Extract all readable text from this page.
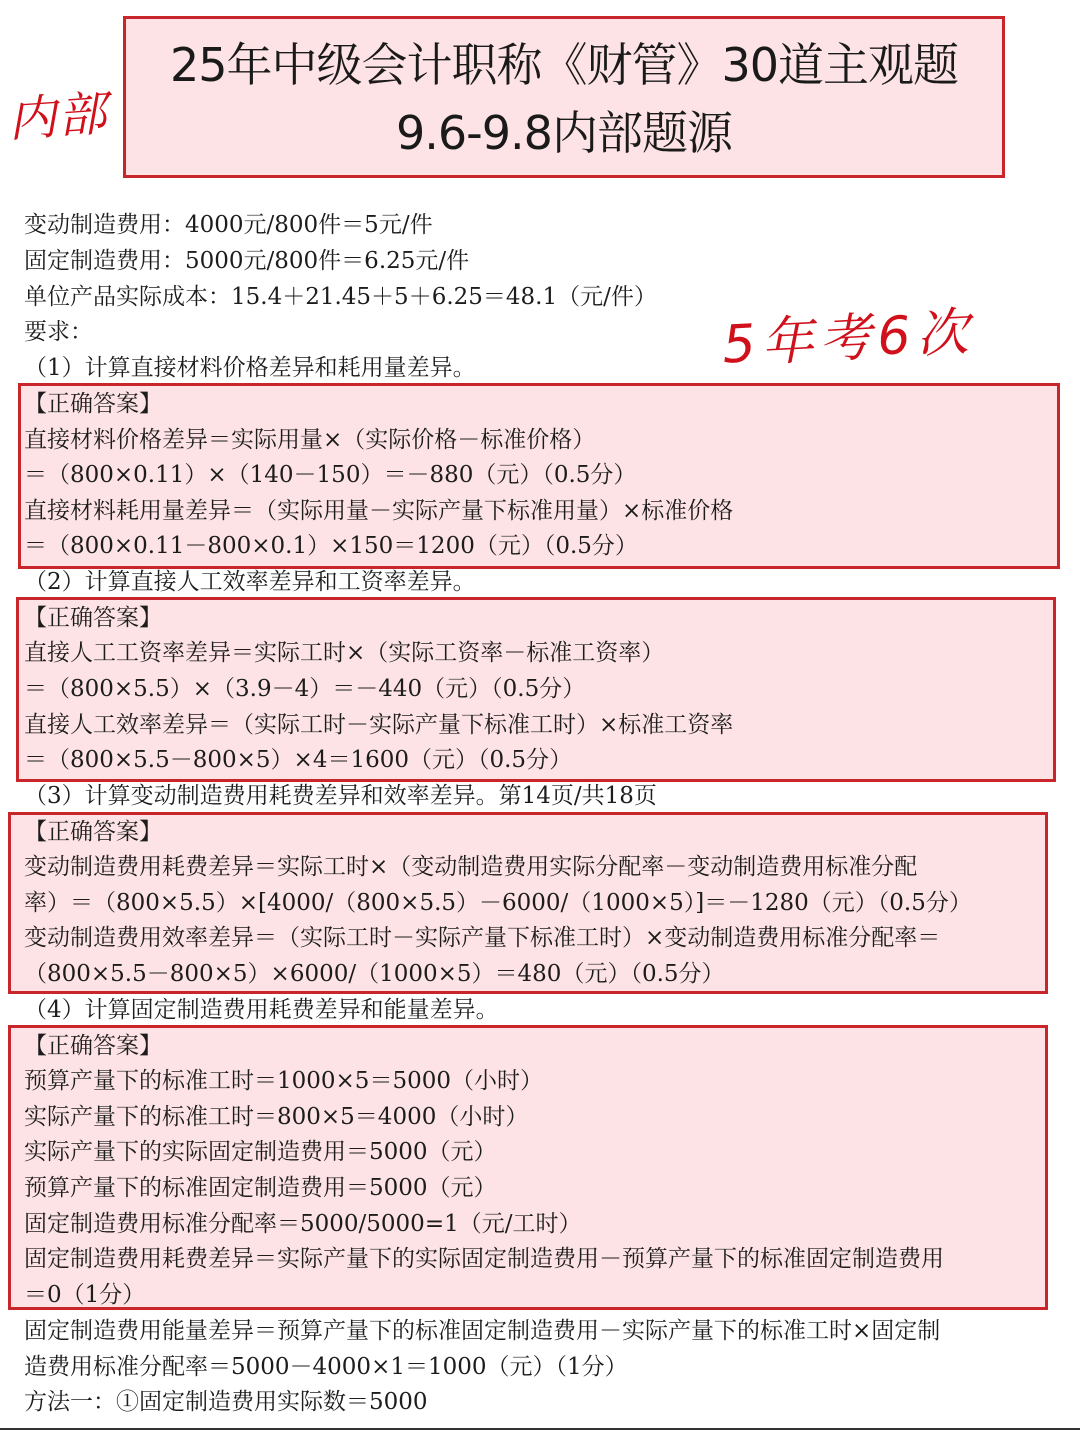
25年中级会计职称《财管》30道主观题
9.6-9.8内部题源
内部
5年考6次
变动制造费用：4000元/800件＝5元/件
固定制造费用：5000元/800件＝6.25元/件
单位产品实际成本：15.4＋21.45＋5＋6.25＝48.1（元/件）
要求：
（1）计算直接材料价格差异和耗用量差异。
【正确答案】
直接材料价格差异＝实际用量×（实际价格－标准价格）
＝（800×0.11）×（140－150）＝－880（元）（0.5分）
直接材料耗用量差异＝（实际用量－实际产量下标准用量）×标准价格
＝（800×0.11－800×0.1）×150＝1200（元）（0.5分）
（2）计算直接人工效率差异和工资率差异。
【正确答案】
直接人工工资率差异＝实际工时×（实际工资率－标准工资率）
＝（800×5.5）×（3.9－4）＝－440（元）（0.5分）
直接人工效率差异＝（实际工时－实际产量下标准工时）×标准工资率
＝（800×5.5－800×5）×4＝1600（元）（0.5分）
（3）计算变动制造费用耗费差异和效率差异。第14页/共18页
【正确答案】
变动制造费用耗费差异＝实际工时×（变动制造费用实际分配率－变动制造费用标准分配
率）＝（800×5.5）×[4000/（800×5.5）－6000/（1000×5）]＝－1280（元）（0.5分）
变动制造费用效率差异＝（实际工时－实际产量下标准工时）×变动制造费用标准分配率＝
（800×5.5－800×5）×6000/（1000×5）＝480（元）（0.5分）
（4）计算固定制造费用耗费差异和能量差异。
【正确答案】
预算产量下的标准工时＝1000×5＝5000（小时）
实际产量下的标准工时＝800×5＝4000（小时）
实际产量下的实际固定制造费用＝5000（元）
预算产量下的标准固定制造费用＝5000（元）
固定制造费用标准分配率＝5000/5000=1（元/工时）
固定制造费用耗费差异＝实际产量下的实际固定制造费用－预算产量下的标准固定制造费用
＝0（1分）
固定制造费用能量差异＝预算产量下的标准固定制造费用－实际产量下的标准工时×固定制
造费用标准分配率＝5000－4000×1＝1000（元）（1分）
方法一：①固定制造费用实际数＝5000
